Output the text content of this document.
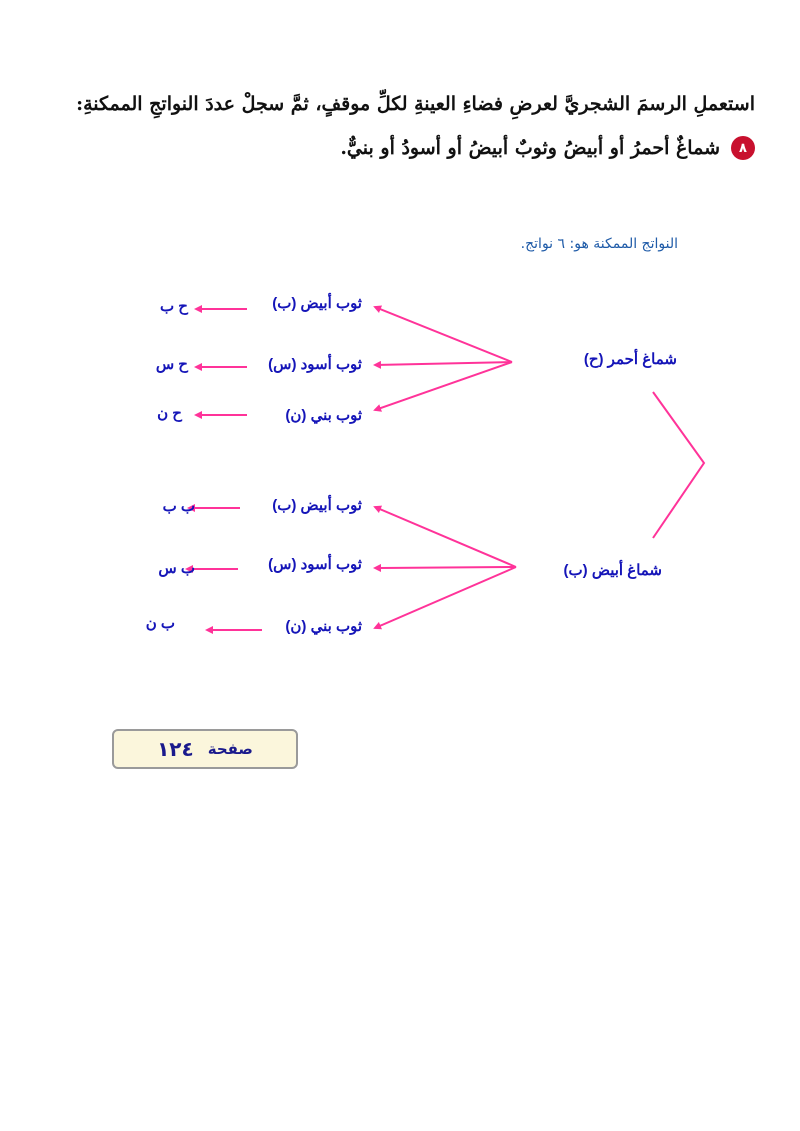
استعملِ الرسمَ الشجريَّ لعرضِ فضاءِ العينةِ لكلِّ موقفٍ، ثمَّ سجلْ عددَ النواتجِ الممكنةِ:
٨
شماغٌ أحمرُ أو أبيضُ وثوبٌ أبيضُ أو أسودُ أو بنيٌّ.
النواتج الممكنة هو: ٦ نواتج.
شماغ أحمر (ح)
شماغ أبيض (ب)
ثوب أبيض (ب)
ثوب أسود (س)
ثوب بني (ن)
ثوب أبيض (ب)
ثوب أسود (س)
ثوب بني (ن)
ح ب
ح س
ح ن
ب ب
ب س
ب ن
صفحة
١٢٤
